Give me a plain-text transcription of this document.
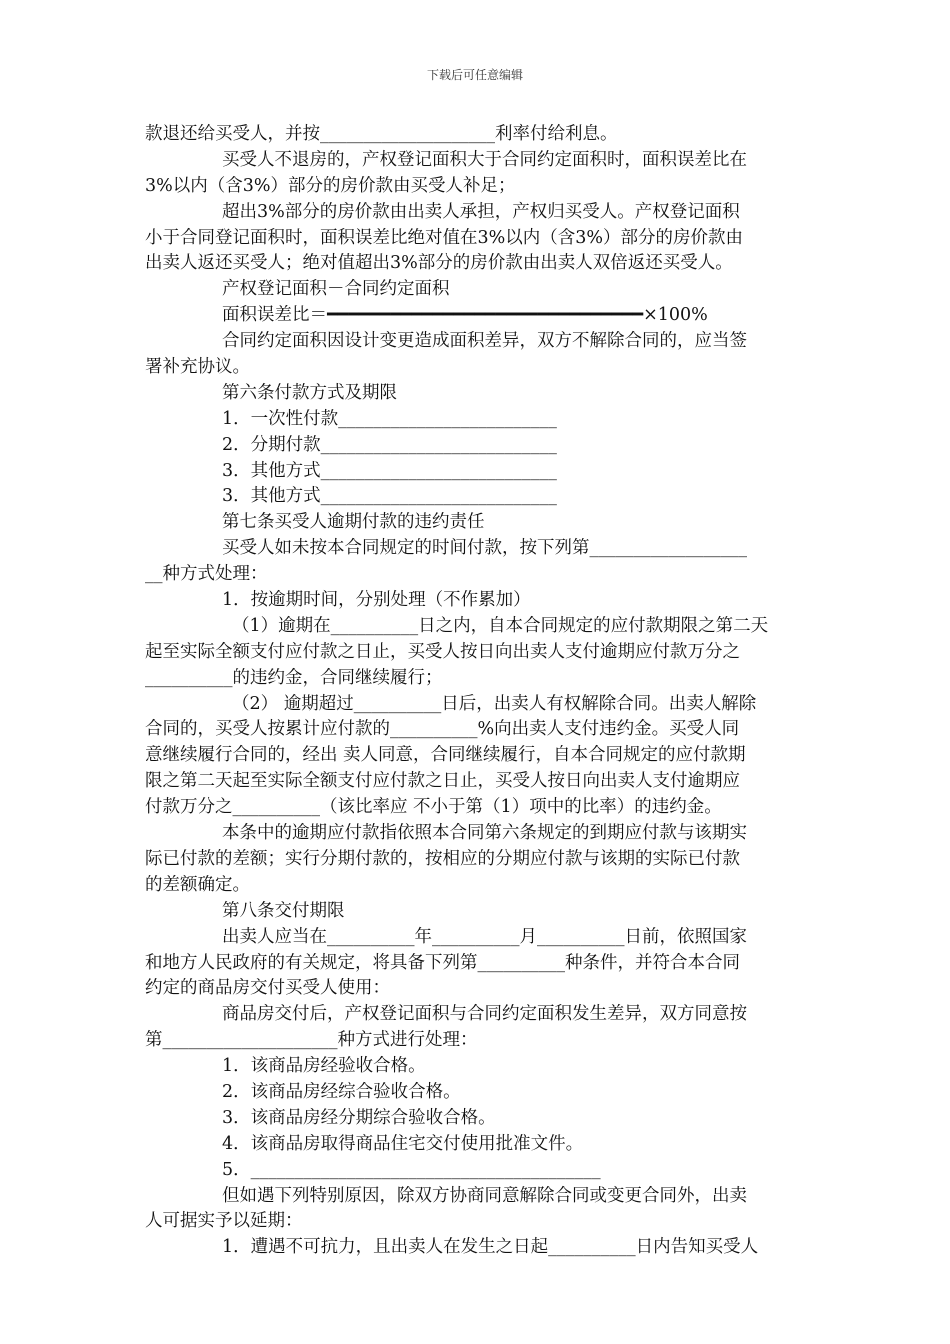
下载后可任意编辑
款退还给买受人，并按____________________利率付给利息。
买受人不退房的，产权登记面积大于合同约定面积时，面积误差比在
3%以内（含3%）部分的房价款由买受人补足；
超出3%部分的房价款由出卖人承担，产权归买受人。产权登记面积
小于合同登记面积时，面积误差比绝对值在3%以内（含3%）部分的房价款由
出卖人返还买受人；绝对值超出3%部分的房价款由出卖人双倍返还买受人。
产权登记面积－合同约定面积
面积误差比＝━━━━━━━━━━━━━━━━━━━━━━━━━━━━━━×100%
合同约定面积因设计变更造成面积差异，双方不解除合同的，应当签
署补充协议。
第六条付款方式及期限
1．一次性付款_________________________
2．分期付款___________________________
3．其他方式___________________________
3．其他方式___________________________
第七条买受人逾期付款的违约责任
买受人如未按本合同规定的时间付款，按下列第__________________
__种方式处理：
1．按逾期时间，分别处理（不作累加）
（1）逾期在__________日之内，自本合同规定的应付款期限之第二天
起至实际全额支付应付款之日止，买受人按日向出卖人支付逾期应付款万分之
__________的违约金，合同继续履行；
（2） 逾期超过__________日后，出卖人有权解除合同。出卖人解除
合同的，买受人按累计应付款的__________%向出卖人支付违约金。买受人同
意继续履行合同的，经出 卖人同意，合同继续履行，自本合同规定的应付款期
限之第二天起至实际全额支付应付款之日止，买受人按日向出卖人支付逾期应
付款万分之__________（该比率应 不小于第（1）项中的比率）的违约金。
本条中的逾期应付款指依照本合同第六条规定的到期应付款与该期实
际已付款的差额；实行分期付款的，按相应的分期应付款与该期的实际已付款
的差额确定。
第八条交付期限
出卖人应当在__________年__________月__________日前，依照国家
和地方人民政府的有关规定，将具备下列第__________种条件，并符合本合同
约定的商品房交付买受人使用：
商品房交付后，产权登记面积与合同约定面积发生差异，双方同意按
第____________________种方式进行处理：
1．该商品房经验收合格。
2．该商品房经综合验收合格。
3．该商品房经分期综合验收合格。
4．该商品房取得商品住宅交付使用批准文件。
5．________________________________________
但如遇下列特别原因，除双方协商同意解除合同或变更合同外，出卖
人可据实予以延期：
1．遭遇不可抗力，且出卖人在发生之日起__________日内告知买受人
